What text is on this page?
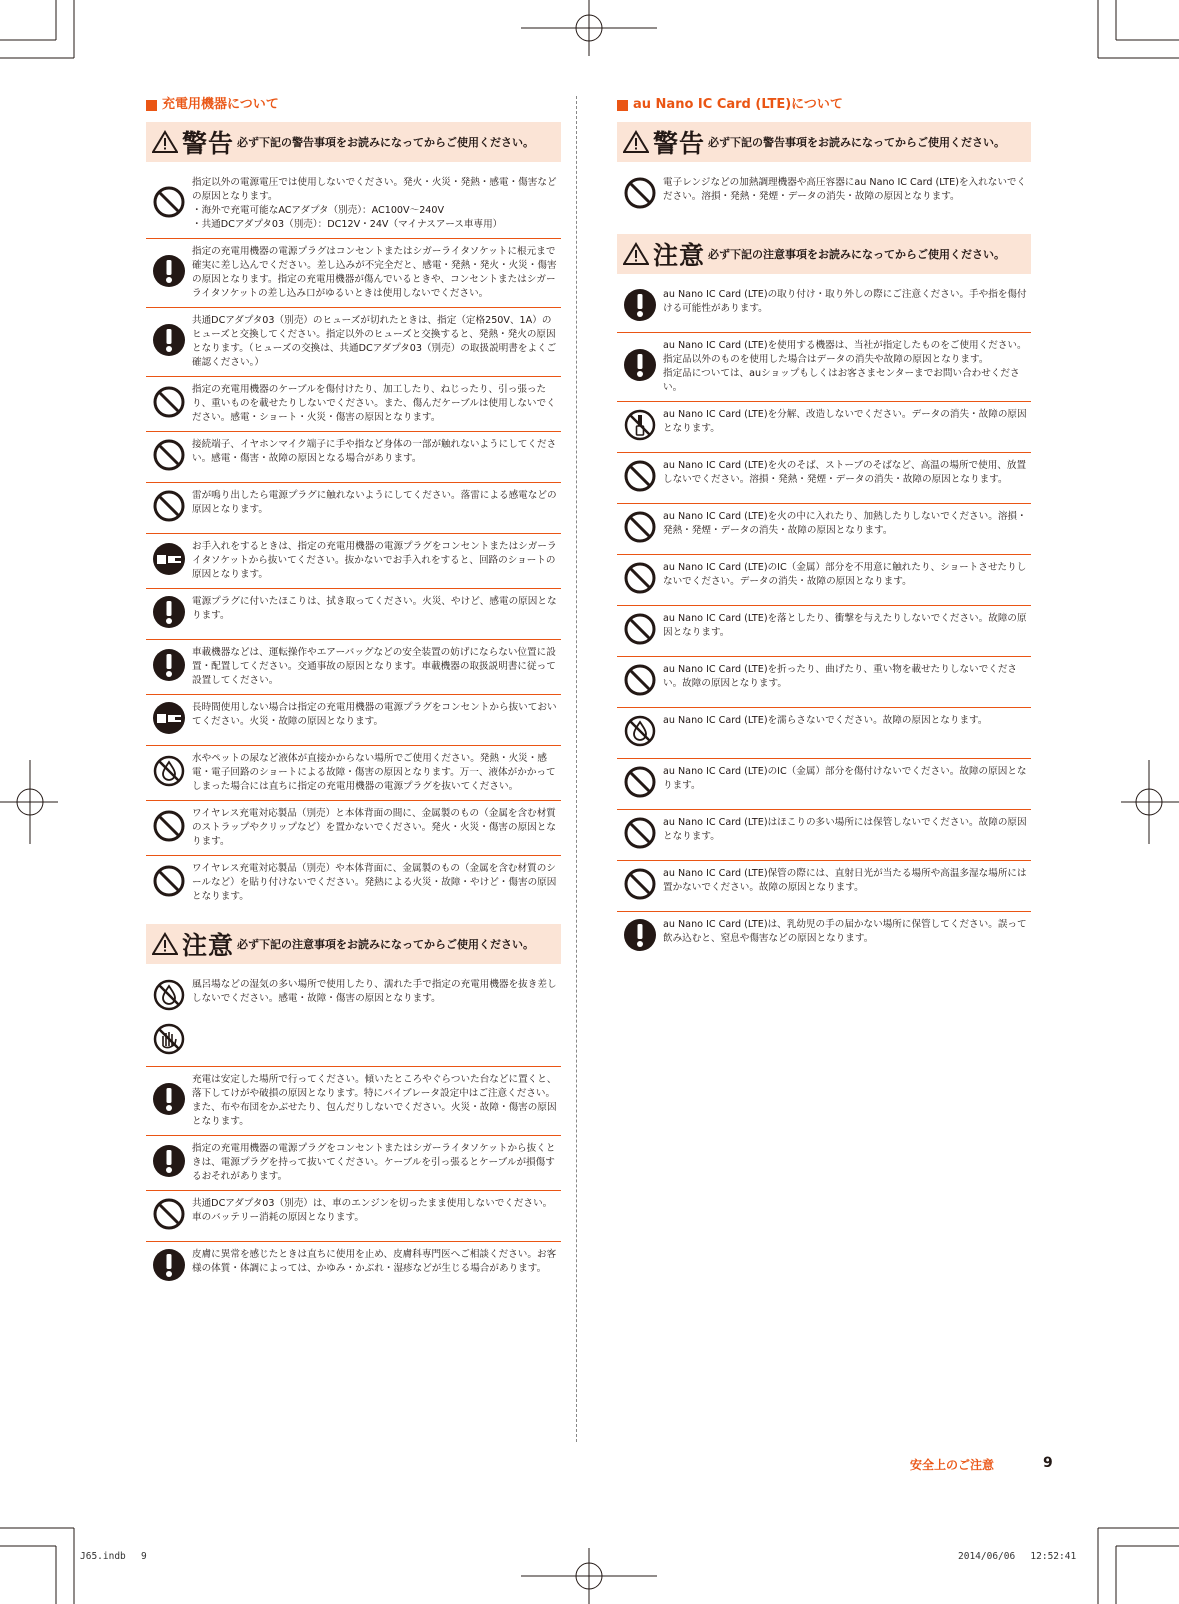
充電用機器について
警告 必ず下記の警告事項をお読みになってからご使用ください。
指定以外の電源電圧では使用しないでください。発火・火災・発熱・感電・傷害などの原因となります。
・海外で充電可能なACアダプタ（別売）：AC100V〜240V
・共通DCアダプタ03（別売）：DC12V・24V（マイナスアース車専用）
指定の充電用機器の電源プラグはコンセントまたはシガーライタソケットに根元まで確実に差し込んでください。差し込みが不完全だと、感電・発熱・発火・火災・傷害の原因となります。指定の充電用機器が傷んでいるときや、コンセントまたはシガーライタソケットの差し込み口がゆるいときは使用しないでください。
共通DCアダプタ03（別売）のヒューズが切れたときは、指定（定格250V、1A）のヒューズと交換してください。指定以外のヒューズと交換すると、発熱・発火の原因となります。（ヒューズの交換は、共通DCアダプタ03（別売）の取扱説明書をよくご確認ください。）
指定の充電用機器のケーブルを傷付けたり、加工したり、ねじったり、引っ張ったり、重いものを載せたりしないでください。また、傷んだケーブルは使用しないでください。感電・ショート・火災・傷害の原因となります。
接続端子、イヤホンマイク端子に手や指など身体の一部が触れないようにしてください。感電・傷害・故障の原因となる場合があります。
雷が鳴り出したら電源プラグに触れないようにしてください。落雷による感電などの原因となります。
お手入れをするときは、指定の充電用機器の電源プラグをコンセントまたはシガーライタソケットから抜いてください。抜かないでお手入れをすると、回路のショートの原因となります。
電源プラグに付いたほこりは、拭き取ってください。火災、やけど、感電の原因となります。
車載機器などは、運転操作やエアーバッグなどの安全装置の妨げにならない位置に設置・配置してください。交通事故の原因となります。車載機器の取扱説明書に従って設置してください。
長時間使用しない場合は指定の充電用機器の電源プラグをコンセントから抜いておいてください。火災・故障の原因となります。
水やペットの尿など液体が直接かからない場所でご使用ください。発熱・火災・感電・電子回路のショートによる故障・傷害の原因となります。万一、液体がかかってしまった場合には直ちに指定の充電用機器の電源プラグを抜いてください。
ワイヤレス充電対応製品（別売）と本体背面の間に、金属製のもの（金属を含む材質のストラップやクリップなど）を置かないでください。発火・火災・傷害の原因となります。
ワイヤレス充電対応製品（別売）や本体背面に、金属製のもの（金属を含む材質のシールなど）を貼り付けないでください。発熱による火災・故障・やけど・傷害の原因となります。
注意 必ず下記の注意事項をお読みになってからご使用ください。
風呂場などの湿気の多い場所で使用したり、濡れた手で指定の充電用機器を抜き差ししないでください。感電・故障・傷害の原因となります。
充電は安定した場所で行ってください。傾いたところやぐらついた台などに置くと、落下してけがや破損の原因となります。特にバイブレータ設定中はご注意ください。また、布や布団をかぶせたり、包んだりしないでください。火災・故障・傷害の原因となります。
指定の充電用機器の電源プラグをコンセントまたはシガーライタソケットから抜くときは、電源プラグを持って抜いてください。ケーブルを引っ張るとケーブルが損傷するおそれがあります。
共通DCアダプタ03（別売）は、車のエンジンを切ったまま使用しないでください。車のバッテリー消耗の原因となります。
皮膚に異常を感じたときは直ちに使用を止め、皮膚科専門医へご相談ください。お客様の体質・体調によっては、かゆみ・かぶれ・湿疹などが生じる場合があります。
au Nano IC Card (LTE)について
警告 必ず下記の警告事項をお読みになってからご使用ください。
電子レンジなどの加熱調理機器や高圧容器にau Nano IC Card (LTE)を入れないでください。溶損・発熱・発煙・データの消失・故障の原因となります。
注意 必ず下記の注意事項をお読みになってからご使用ください。
au Nano IC Card (LTE)の取り付け・取り外しの際にご注意ください。手や指を傷付ける可能性があります。
au Nano IC Card (LTE)を使用する機器は、当社が指定したものをご使用ください。指定品以外のものを使用した場合はデータの消失や故障の原因となります。
指定品については、auショップもしくはお客さまセンターまでお問い合わせください。
au Nano IC Card (LTE)を分解、改造しないでください。データの消失・故障の原因となります。
au Nano IC Card (LTE)を火のそば、ストーブのそばなど、高温の場所で使用、放置しないでください。溶損・発熱・発煙・データの消失・故障の原因となります。
au Nano IC Card (LTE)を火の中に入れたり、加熱したりしないでください。溶損・発熱・発煙・データの消失・故障の原因となります。
au Nano IC Card (LTE)のIC（金属）部分を不用意に触れたり、ショートさせたりしないでください。データの消失・故障の原因となります。
au Nano IC Card (LTE)を落としたり、衝撃を与えたりしないでください。故障の原因となります。
au Nano IC Card (LTE)を折ったり、曲げたり、重い物を載せたりしないでください。故障の原因となります。
au Nano IC Card (LTE)を濡らさないでください。故障の原因となります。
au Nano IC Card (LTE)のIC（金属）部分を傷付けないでください。故障の原因となります。
au Nano IC Card (LTE)はほこりの多い場所には保管しないでください。故障の原因となります。
au Nano IC Card (LTE)保管の際には、直射日光が当たる場所や高温多湿な場所には置かないでください。故障の原因となります。
au Nano IC Card (LTE)は、乳幼児の手の届かない場所に保管してください。誤って飲み込むと、窒息や傷害などの原因となります。
安全上のご注意	9
J65.indb　 9	2014/06/06　 12:52:41
